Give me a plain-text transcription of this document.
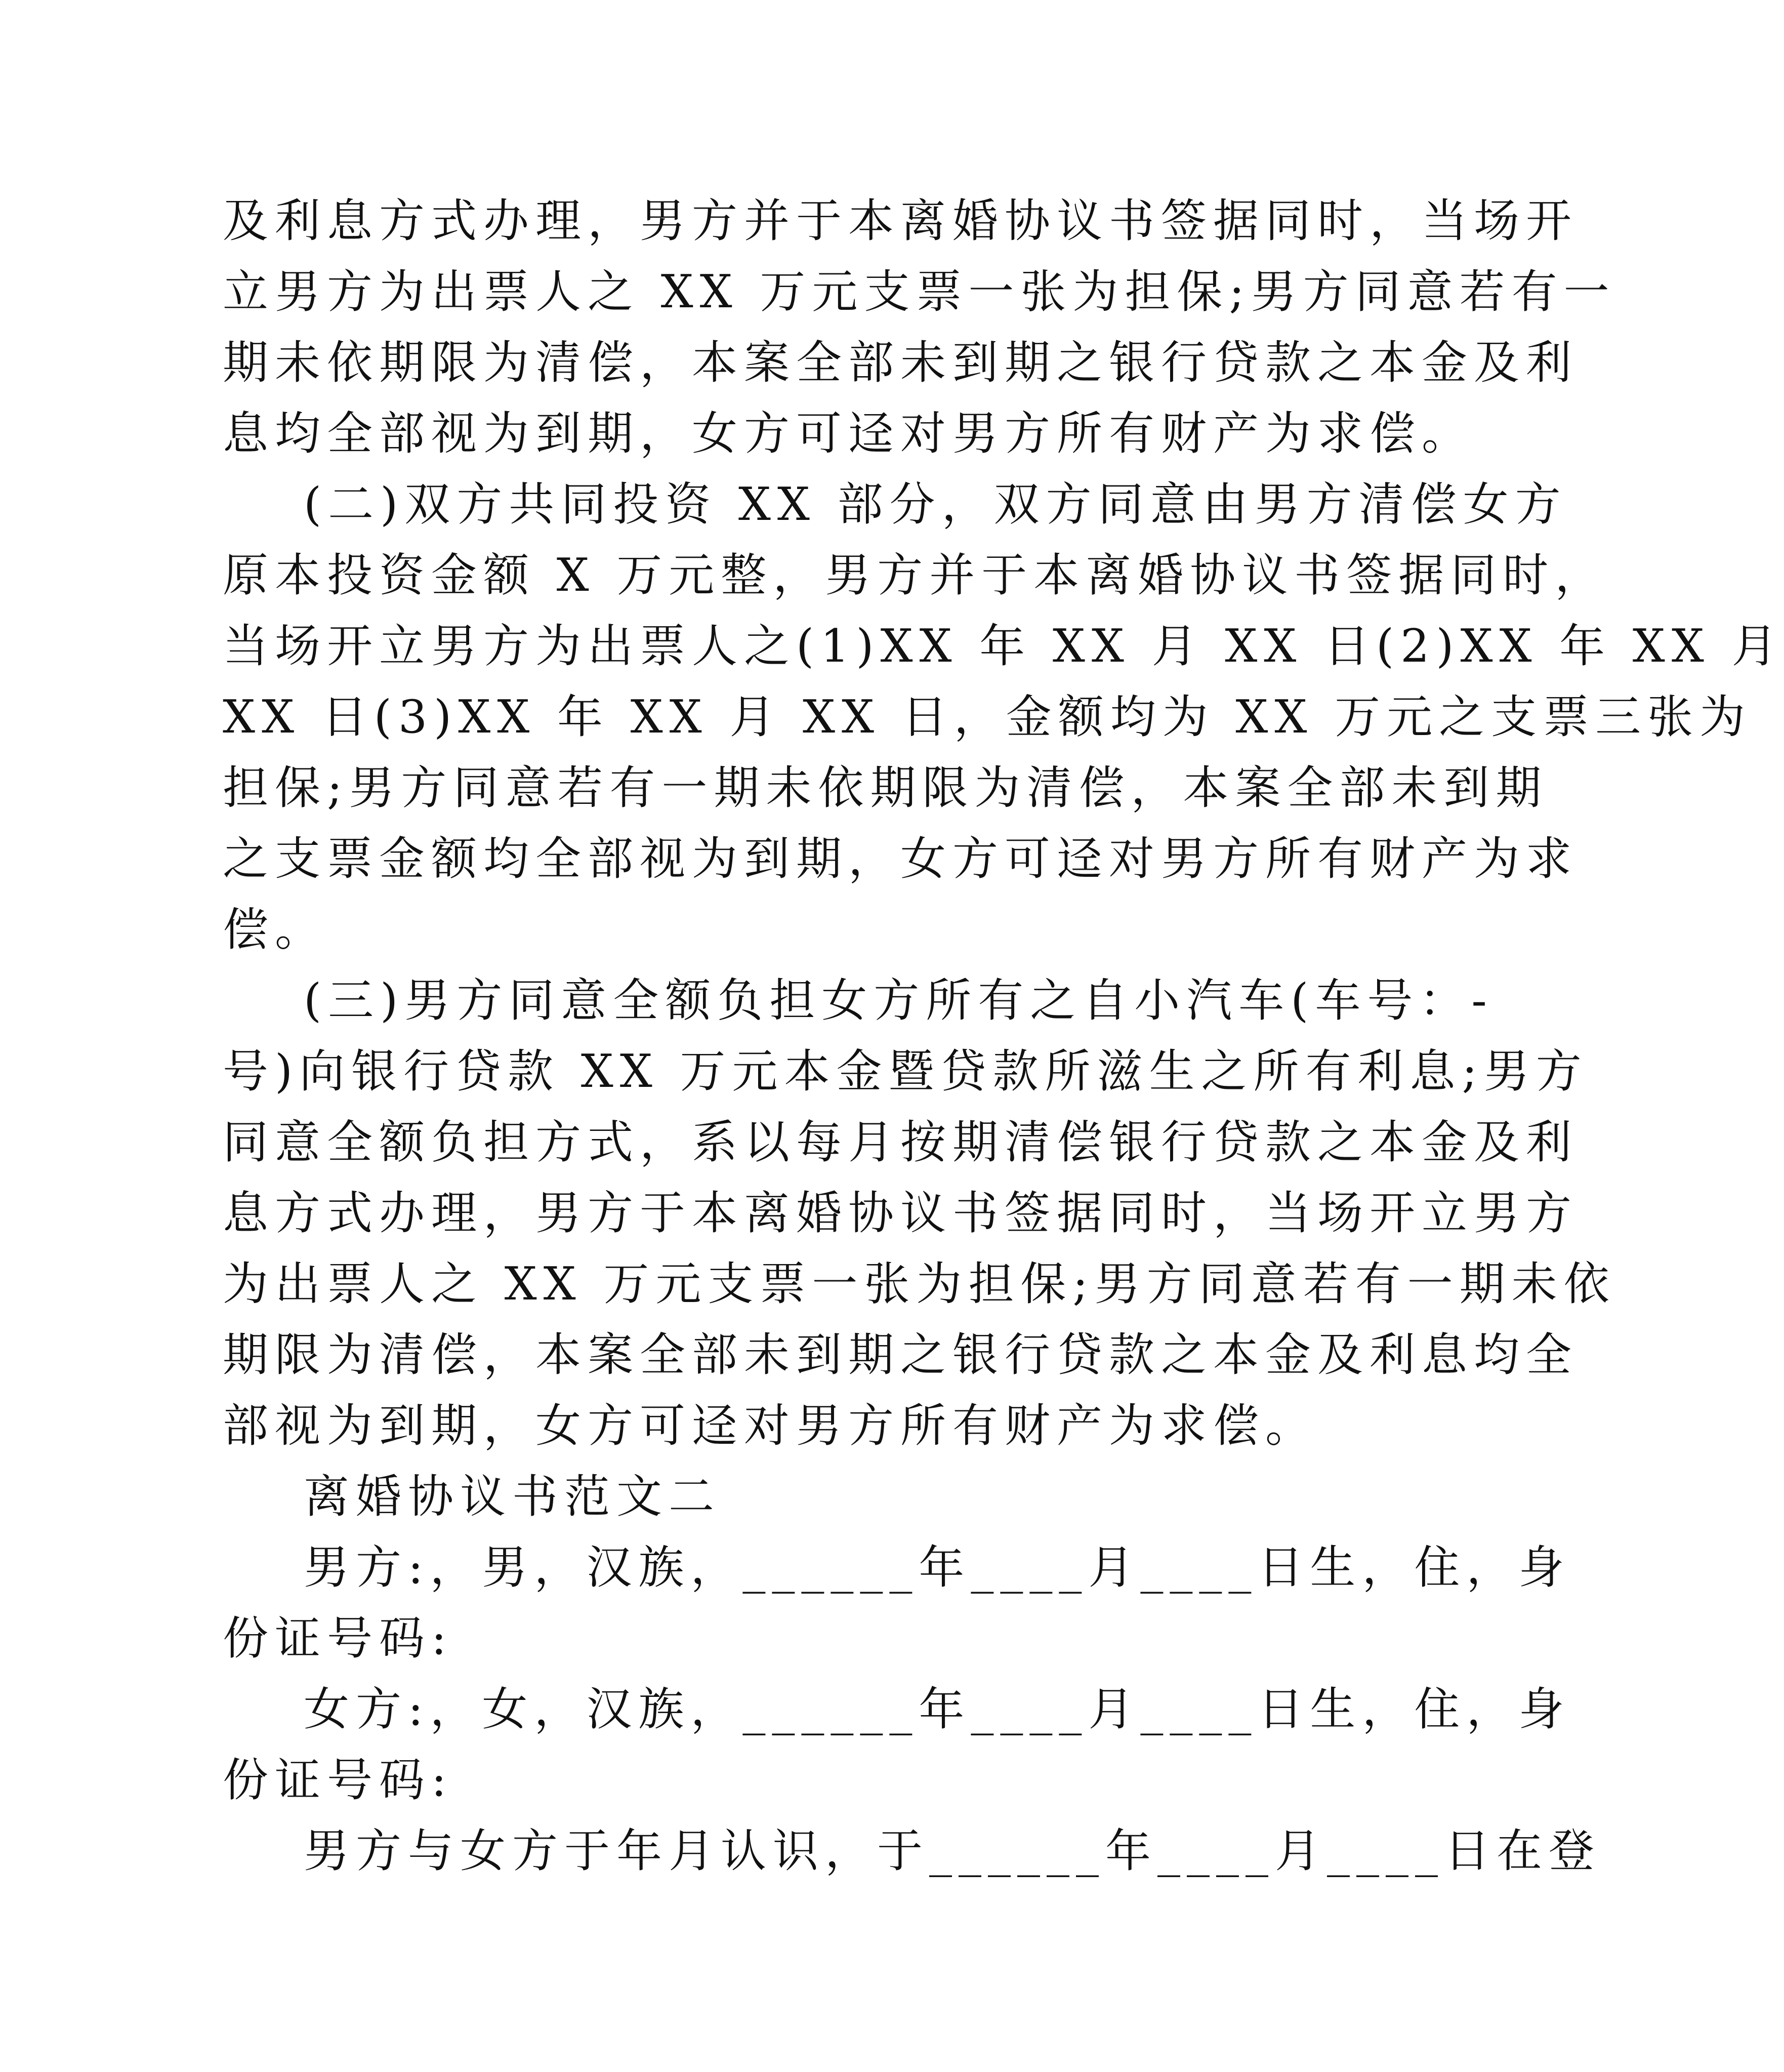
及利息方式办理，男方并于本离婚协议书签据同时，当场开

立男方为出票人之 XX 万元支票一张为担保;男方同意若有一

期未依期限为清偿，本案全部未到期之银行贷款之本金及利

息均全部视为到期，女方可迳对男方所有财产为求偿。

(二)双方共同投资 XX 部分，双方同意由男方清偿女方

原本投资金额 X 万元整，男方并于本离婚协议书签据同时，

当场开立男方为出票人之(1)XX 年 XX 月 XX 日(2)XX 年 XX 月

XX 日(3)XX 年 XX 月 XX 日，金额均为 XX 万元之支票三张为

担保;男方同意若有一期未依期限为清偿，本案全部未到期

之支票金额均全部视为到期，女方可迳对男方所有财产为求

偿。

(三)男方同意全额负担女方所有之自小汽车(车号：-

号)向银行贷款 XX 万元本金暨贷款所滋生之所有利息;男方

同意全额负担方式，系以每月按期清偿银行贷款之本金及利

息方式办理，男方于本离婚协议书签据同时，当场开立男方

为出票人之 XX 万元支票一张为担保;男方同意若有一期未依

期限为清偿，本案全部未到期之银行贷款之本金及利息均全

部视为到期，女方可迳对男方所有财产为求偿。

离婚协议书范文二

男方:，男，汉族，______年____月____日生，住，身

份证号码:

女方:，女，汉族，______年____月____日生，住，身

份证号码:

男方与女方于年月认识，于______年____月____日在登
